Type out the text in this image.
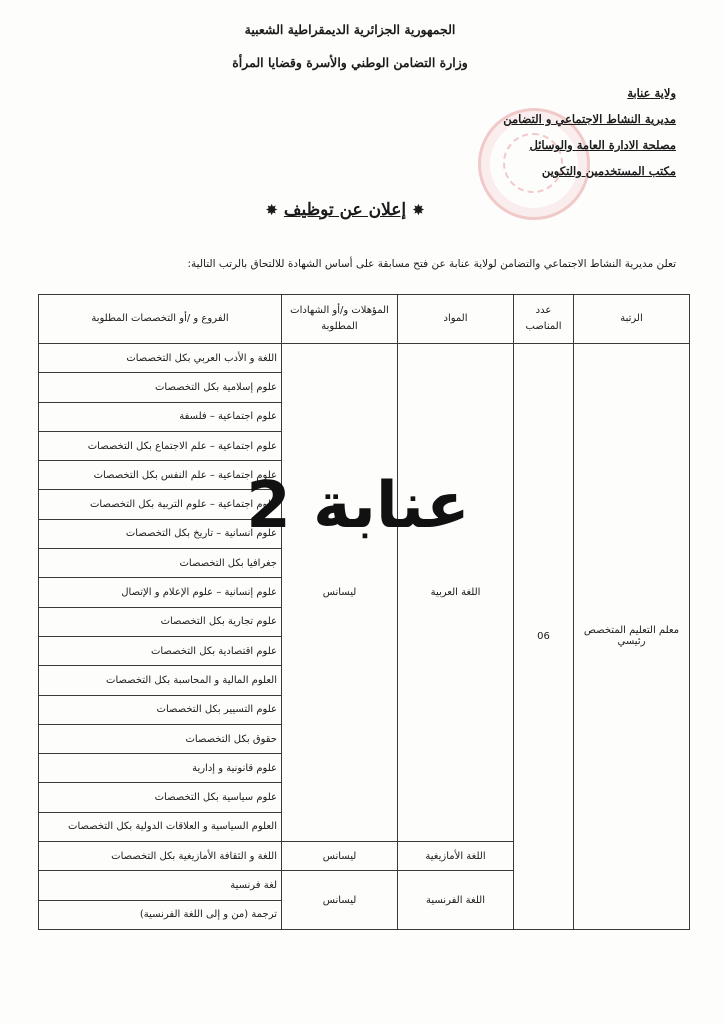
الجمهورية الجزائرية الديمقراطية الشعبية
وزارة التضامن الوطني والأسرة وقضايا المرأة
ولاية عنابة
مديرية النشاط الاجتماعي و التضامن
مصلحة الادارة العامة والوسائل
مكتب المستخدمين والتكوين
✸إعلان عن توظيف✸
تعلن مديرية النشاط الاجتماعي والتضامن لولاية عنابة عن فتح مسابقة على أساس الشهادة للالتحاق بالرتب التالية:
الرتبة	عدد المناصب	المواد	المؤهلات و/أو الشهادات المطلوبة	الفروع و /أو التخصصات المطلوبة
معلم التعليم المتخصص رئيسي	06	اللغة العربية	ليسانس	اللغة و الأدب العربي بكل التخصصات
				علوم إسلامية بكل التخصصات
				علوم اجتماعية – فلسفة
				علوم اجتماعية – علم الاجتماع بكل التخصصات
				علوم اجتماعية – علم النفس بكل التخصصات
				علوم اجتماعية – علوم التربية بكل التخصصات
				علوم انسانية – تاريخ بكل التخصصات
				جغرافيا بكل التخصصات
				علوم إنسانية – علوم الإعلام و الإتصال
				علوم تجارية بكل التخصصات
				علوم اقتصادية بكل التخصصات
				العلوم المالية و المحاسبة بكل التخصصات
				علوم التسيير بكل التخصصات
				حقوق بكل التخصصات
				علوم قانونية و إدارية
				علوم سياسية بكل التخصصات
				العلوم السياسية و العلاقات الدولية بكل التخصصات
		اللغة الأمازيغية	ليسانس	اللغة و الثقافة الأمازيغية بكل التخصصات
		اللغة الفرنسية	ليسانس	لغة فرنسية
				ترجمة (من و إلى اللغة الفرنسية)
عنابة 2
